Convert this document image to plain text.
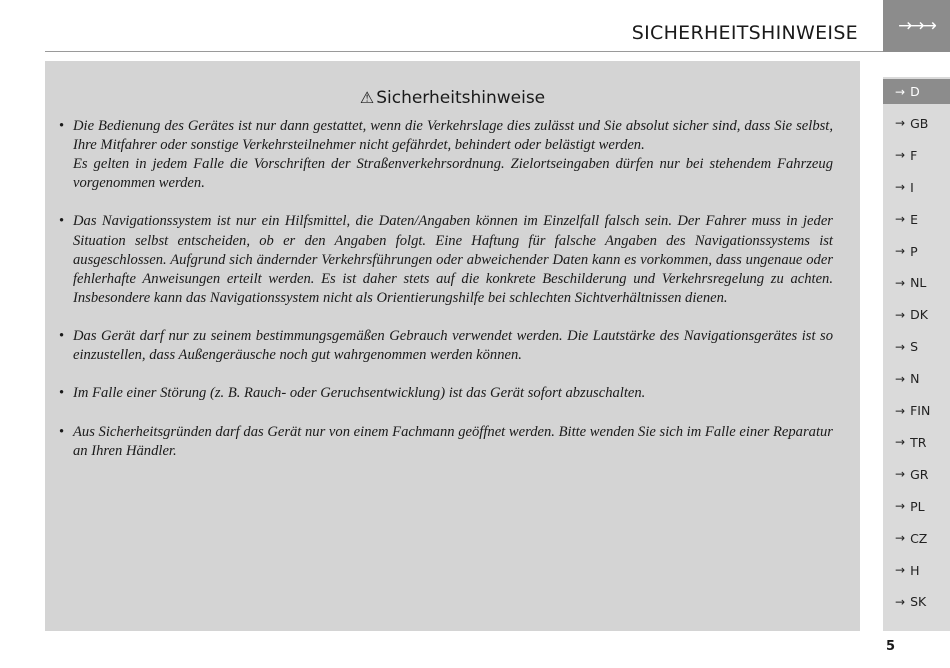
SICHERHEITSHINWEISE	→→→
⚠ Sicherheitshinweise
• Die Bedienung des Gerätes ist nur dann gestattet, wenn die Verkehrslage dies zulässt und Sie absolut sicher sind, dass Sie selbst, Ihre Mitfahrer oder sonstige Verkehrsteilnehmer nicht gefährdet, behindert oder belästigt werden.
Es gelten in jedem Falle die Vorschriften der Straßenverkehrsordnung. Zielortseingaben dürfen nur bei stehendem Fahrzeug vorgenommen werden.
• Das Navigationssystem ist nur ein Hilfsmittel, die Daten/Angaben können im Einzelfall falsch sein. Der Fahrer muss in jeder Situation selbst entscheiden, ob er den Angaben folgt. Eine Haftung für falsche Angaben des Navigationssystems ist ausgeschlossen. Aufgrund sich ändernder Verkehrsführungen oder abweichender Daten kann es vorkommen, dass ungenaue oder fehlerhafte Anweisungen erteilt werden. Es ist daher stets auf die konkrete Beschilderung und Verkehrsregelung zu achten. Insbesondere kann das Navigationssystem nicht als Orientierungshilfe bei schlechten Sichtverhältnissen dienen.
• Das Gerät darf nur zu seinem bestimmungsgemäßen Gebrauch verwendet werden. Die Lautstärke des Navigationsgerätes ist so einzustellen, dass Außengeräusche noch gut wahrgenommen werden können.
• Im Falle einer Störung (z. B. Rauch- oder Geruchsentwicklung) ist das Gerät sofort abzuschalten.
• Aus Sicherheitsgründen darf das Gerät nur von einem Fachmann geöffnet werden. Bitte wenden Sie sich im Falle einer Reparatur an Ihren Händler.
→ D
→ GB
→ F
→ I
→ E
→ P
→ NL
→ DK
→ S
→ N
→ FIN
→ TR
→ GR
→ PL
→ CZ
→ H
→ SK
5
